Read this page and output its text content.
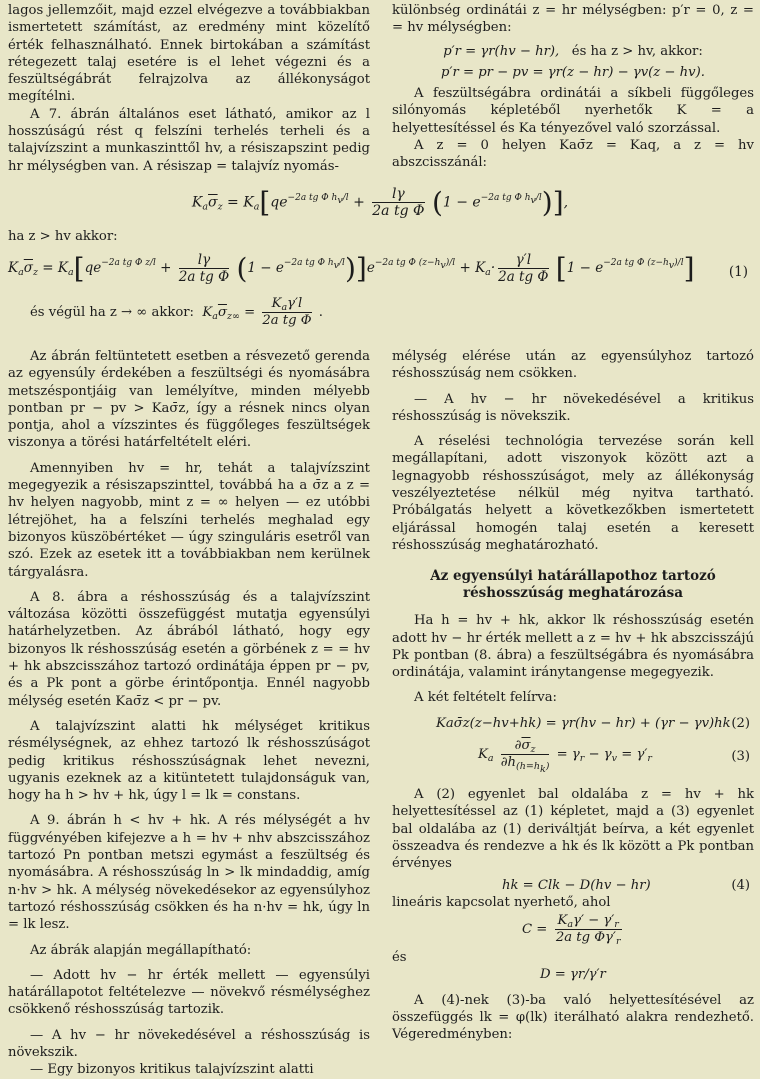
lagos jellemzőit, majd ezzel elvégezve a továbbiakban ismertetett számítást, az eredmény mint közelítő érték felhasználható. Ennek birtokában a számítást rétegezett talaj esetére is el lehet végezni és a feszültségábrát felrajzolva az állékonyságot megítélni.

A 7. ábrán általános eset látható, amikor az l hosszúságú rést q felszíni terhelés terheli és a talajvízszint a munkaszinttől hv, a résiszapszint pedig hr mélységben van. A résiszap = talajvíz nyomás-

különbség ordinátái z = hr mélységben: p′r = 0, z = = hv mélységben:

p′r = γr(hv − hr), és ha z > hv, akkor:
p′r = pr − pv = γr(z − hr) − γv(z − hv).

A feszültségábra ordinátái a síkbeli függőleges silónyomás képletéből nyerhetők K = a helyettesítéssel és Ka tényezővel való szorzással.

A z = 0 helyen Kaσ̄z = Kaq, a z = hv abszcisszánál:

$K_a\overline{\sigma}_z = K_a[qe^{-2a tg \Phi h_v/l} + \frac{l\gamma}{\text{2a tg Φ}} (1 - e^{-2a tg \Phi h_v/l})]$,
ha z > hv akkor:
$K_a\overline{\sigma}_z = K_a[qe^{-2a tg \Phi z/l} + \frac{l\gamma}{\text{2a tg Φ}} (1 - e^{-2a tg \Phi h_v/l})]e^{-2a tg \Phi (z-h_v)/l} + K_a\cdot \frac{\gamma'l}{\text{2a tg Φ}} [1 - e^{-2a tg \Phi (z-h_v)/l}]$	(1)
és végül ha z → ∞ akkor:  $K_a\overline{\sigma}_{z\infty} = \frac{K_a\gamma'l}{\text{2a tg Φ}}$ .

Az ábrán feltüntetett esetben a résvezető gerenda az egyensúly érdekében a feszültségi és nyomásábra metszéspontjáig van lemélyítve, minden mélyebb pontban pr − pv > Kaσ̄z, így a résnek nincs olyan pontja, ahol a vízszintes és függőleges feszültségek viszonya a törési határfeltételt eléri.

Amennyiben hv = hr, tehát a talajvízszint megegyezik a résiszapszinttel, továbbá ha a σ̄z a z = hv helyen nagyobb, mint z = ∞ helyen — ez utóbbi létrejöhet, ha a felszíni terhelés meghalad egy bizonyos küszöbértéket — úgy szinguláris esetről van szó. Ezek az esetek itt a továbbiakban nem kerülnek tárgyalásra.

A 8. ábra a réshosszúság és a talajvízszint változása közötti összefüggést mutatja egyensúlyi határhelyzetben. Az ábrából látható, hogy egy bizonyos lk réshosszúság esetén a görbének z = = hv + hk abszcisszához tartozó ordinátája éppen pr − pv, és a Pk pont a görbe érintőpontja. Ennél nagyobb mélység esetén Kaσ̄z < pr − pv.

A talajvízszint alatti hk mélységet kritikus résmélységnek, az ehhez tartozó lk réshosszúságot pedig kritikus réshosszúságnak lehet nevezni, ugyanis ezeknek az a kitüntetett tulajdonságuk van, hogy ha h > hv + hk, úgy l = lk = constans.

A 9. ábrán h < hv + hk. A rés mélységét a hv függvényében kifejezve a h = hv + nhv abszcisszához tartozó Pn pontban metszi egymást a feszültség és nyomásábra. A réshosszúság ln > lk mindaddig, amíg n·hv > hk. A mélység növekedésekor az egyensúlyhoz tartozó réshosszúság csökken és ha n·hv = hk, úgy ln = lk lesz.

Az ábrák alapján megállapítható:

— Adott hv − hr érték mellett — egyensúlyi határállapotot feltételezve — növekvő résmélységhez csökkenő réshosszúság tartozik.

— A hv − hr növekedésével a réshosszúság is növekszik.

— Egy bizonyos kritikus talajvízszint alatti

mélység elérése után az egyensúlyhoz tartozó réshosszúság nem csökken.

— A hv − hr növekedésével a kritikus réshosszúság is növekszik.

A réselési technológia tervezése során kell megállapítani, adott viszonyok között azt a legnagyobb réshosszúságot, mely az állékonyság veszélyeztetése nélkül még nyitva tartható. Próbálgatás helyett a következőkben ismertetett eljárással homogén talaj esetén a keresett réshosszúság meghatározható.

Az egyensúlyi határállapothoz tartozó réshosszúság meghatározása

Ha h = hv + hk, akkor lk réshosszúság esetén adott hv − hr érték mellett a z = hv + hk abszcisszájú Pk pontban (8. ábra) a feszültségábra és nyomásábra ordinátája, valamint iránytangense megegyezik.

A két feltételt felírva:

Kaσ̄z(z−hv+hk) = γr(hv − hr) + (γr − γv)hk (2)
$K_a \frac{\partial\overline{\sigma}_z}{\partial h_{(h=h_k)}} = \gamma_r - \gamma_v = \gamma'_r$	(3)

A (2) egyenlet bal oldalába z = hv + hk helyettesítéssel az (1) képletet, majd a (3) egyenlet bal oldalába az (1) deriváltját beírva, a két egyenlet összeadva és rendezve a hk és lk között a Pk pontban érvényes

hk = Clk − D(hv − hr)	(4)

lineáris kapcsolat nyerhető, ahol

$C = \frac{K_a\gamma' - \gamma'_r}{2a tg \Phi\gamma'_r}$

és

D = γr/γ′r

A (4)-nek (3)-ba való helyettesítésével az összefüggés lk = φ(lk) iterálható alakra rendezhető. Végeredményben:
